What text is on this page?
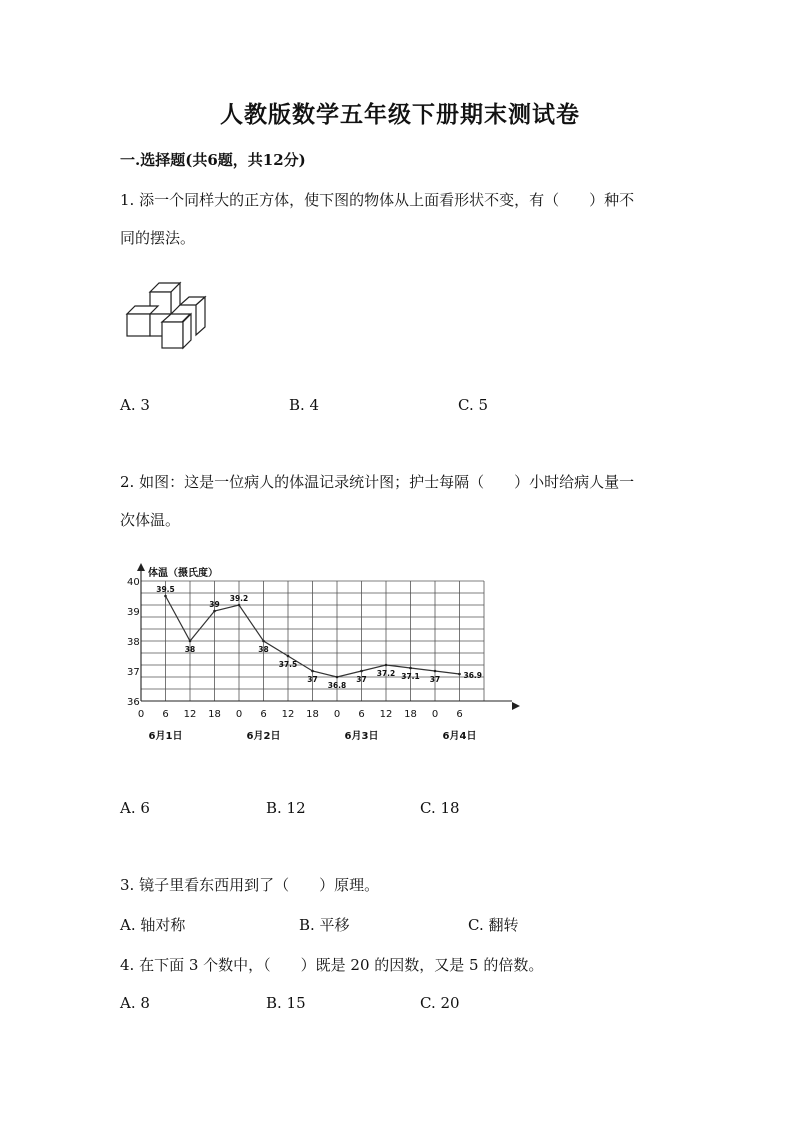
人教版数学五年级下册期末测试卷
一.选择题(共6题，共12分)
1. 添一个同样大的正方体，使下图的物体从上面看形状不变，有（　　）种不
同的摆法。
A. 3	B. 4	C. 5
2. 如图：这是一位病人的体温记录统计图；护士每隔（　　）小时给病人量一
次体温。
体温（摄氏度）
36
37
38
39
40
0 6 12 18 0 6 12 18 0 6 12 18 0 6
6月1日	6月2日	6月3日	6月4日
39.5
38
39
39.2
38
37.5
37
36.8
37
37.2 37.1 37	36.9
A. 6	B. 12	C. 18
3. 镜子里看东西用到了（　　）原理。
A. 轴对称	B. 平移	C. 翻转
4. 在下面 3 个数中，（　　）既是 20 的因数，又是 5 的倍数。
A. 8	B. 15	C. 20
